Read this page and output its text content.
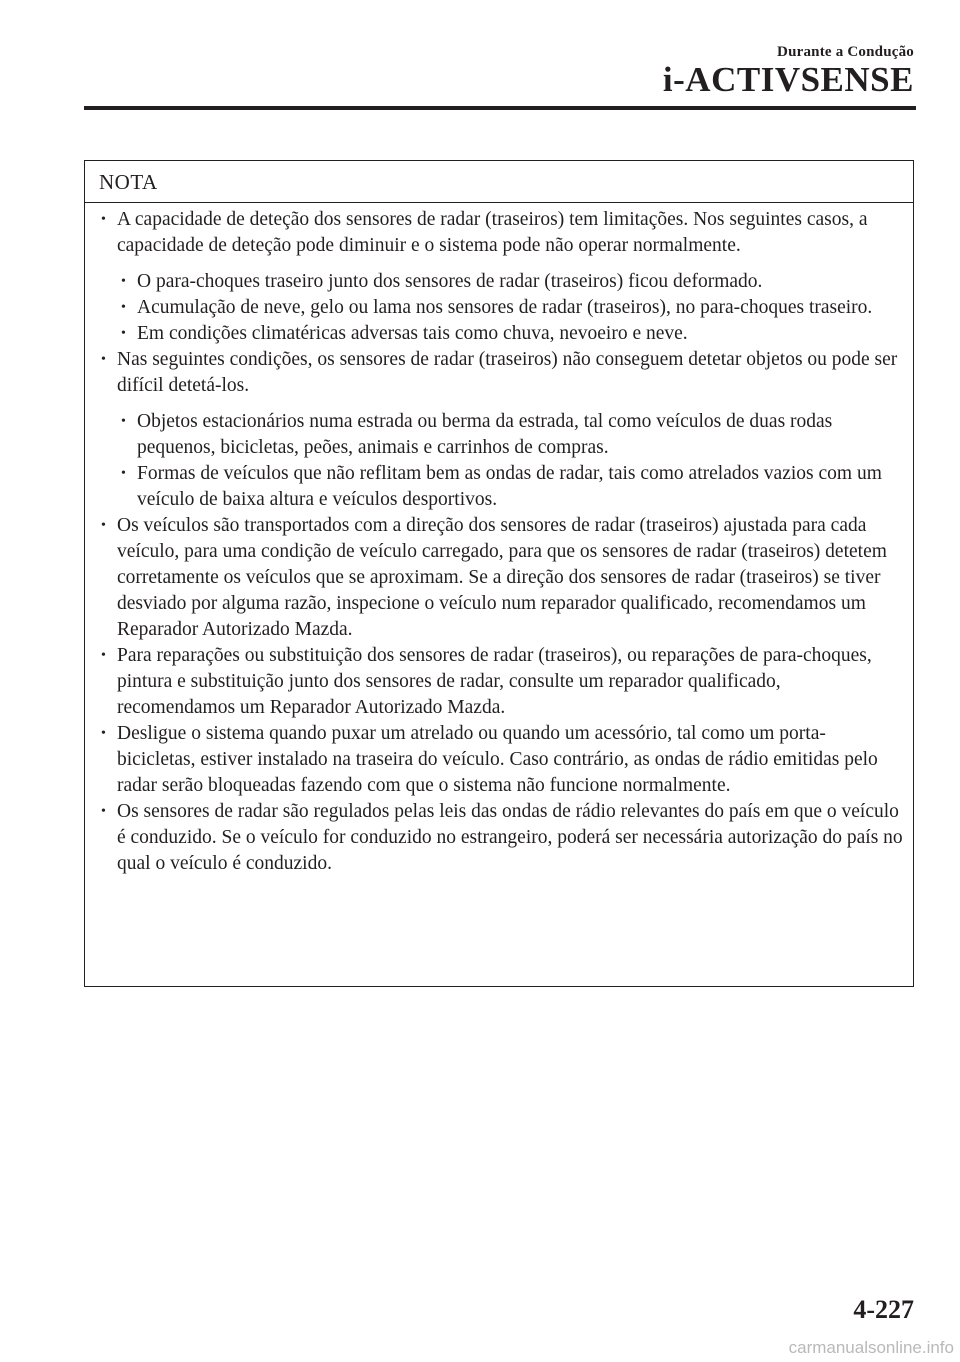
Durante a Condução
i-ACTIVSENSE
NOTA
• A capacidade de deteção dos sensores de radar (traseiros) tem limitações. Nos seguintes casos, a capacidade de deteção pode diminuir e o sistema pode não operar normalmente.
• O para-choques traseiro junto dos sensores de radar (traseiros) ficou deformado.
• Acumulação de neve, gelo ou lama nos sensores de radar (traseiros), no para-choques traseiro.
• Em condições climatéricas adversas tais como chuva, nevoeiro e neve.
• Nas seguintes condições, os sensores de radar (traseiros) não conseguem detetar objetos ou pode ser difícil detetá-los.
• Objetos estacionários numa estrada ou berma da estrada, tal como veículos de duas rodas pequenos, bicicletas, peões, animais e carrinhos de compras.
• Formas de veículos que não reflitam bem as ondas de radar, tais como atrelados vazios com um veículo de baixa altura e veículos desportivos.
• Os veículos são transportados com a direção dos sensores de radar (traseiros) ajustada para cada veículo, para uma condição de veículo carregado, para que os sensores de radar (traseiros) detetem corretamente os veículos que se aproximam. Se a direção dos sensores de radar (traseiros) se tiver desviado por alguma razão, inspecione o veículo num reparador qualificado, recomendamos um Reparador Autorizado Mazda.
• Para reparações ou substituição dos sensores de radar (traseiros), ou reparações de para-choques, pintura e substituição junto dos sensores de radar, consulte um reparador qualificado, recomendamos um Reparador Autorizado Mazda.
• Desligue o sistema quando puxar um atrelado ou quando um acessório, tal como um porta-bicicletas, estiver instalado na traseira do veículo. Caso contrário, as ondas de rádio emitidas pelo radar serão bloqueadas fazendo com que o sistema não funcione normalmente.
• Os sensores de radar são regulados pelas leis das ondas de rádio relevantes do país em que o veículo é conduzido. Se o veículo for conduzido no estrangeiro, poderá ser necessária autorização do país no qual o veículo é conduzido.
4-227
carmanualsonline.info
